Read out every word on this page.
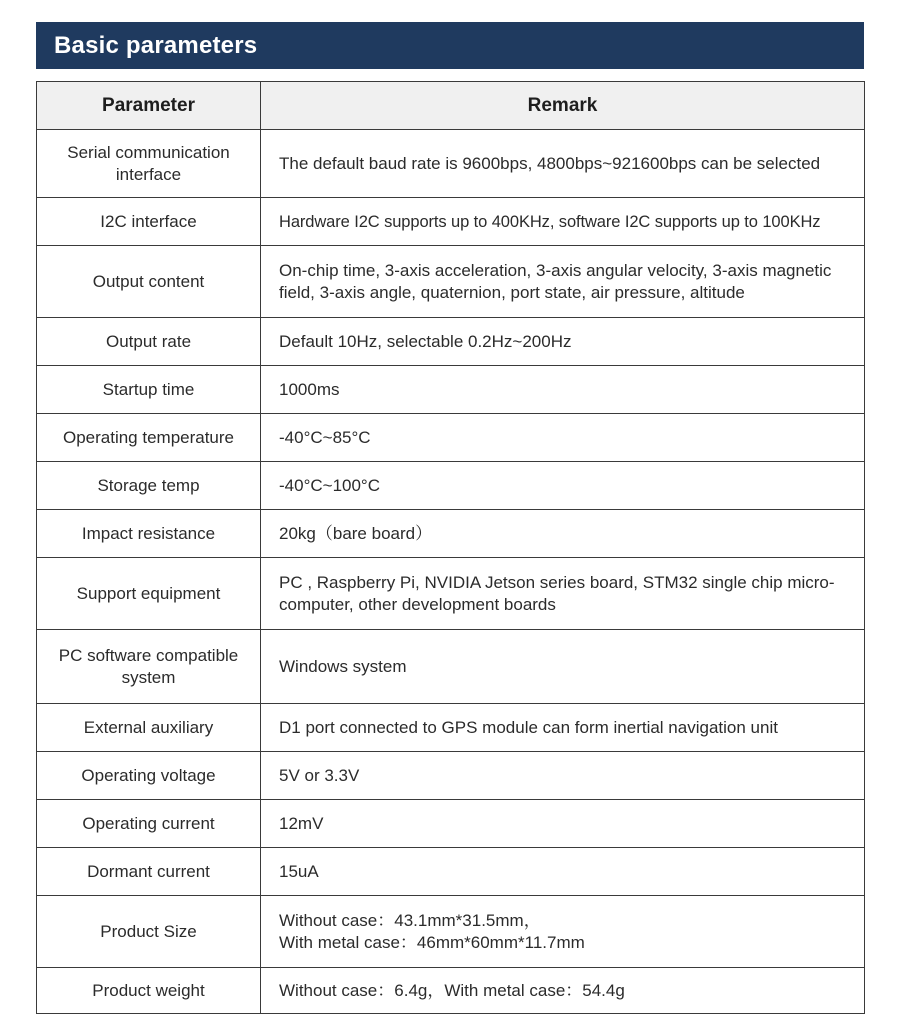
Basic parameters
Parameter	Remark
Serial communication interface	The default baud rate is 9600bps, 4800bps~921600bps can be selected
I2C interface	Hardware I2C supports up to 400KHz, software I2C supports up to 100KHz
Output content	On-chip time, 3-axis acceleration, 3-axis angular velocity, 3-axis magnetic field, 3-axis angle, quaternion, port state, air pressure, altitude
Output rate	Default 10Hz, selectable 0.2Hz~200Hz
Startup time	1000ms
Operating temperature	-40°C~85°C
Storage temp	-40°C~100°C
Impact resistance	20kg（bare board）
Support equipment	PC , Raspberry Pi, NVIDIA Jetson series board, STM32 single chip micro-computer, other development boards
PC software compatible system	Windows system
External auxiliary	D1 port connected to GPS module can form inertial navigation unit
Operating voltage	5V or 3.3V
Operating current	12mV
Dormant current	15uA
Product Size	Without case：43.1mm*31.5mm，
With metal case：46mm*60mm*11.7mm
Product weight	Without case：6.4g，With metal case：54.4g
